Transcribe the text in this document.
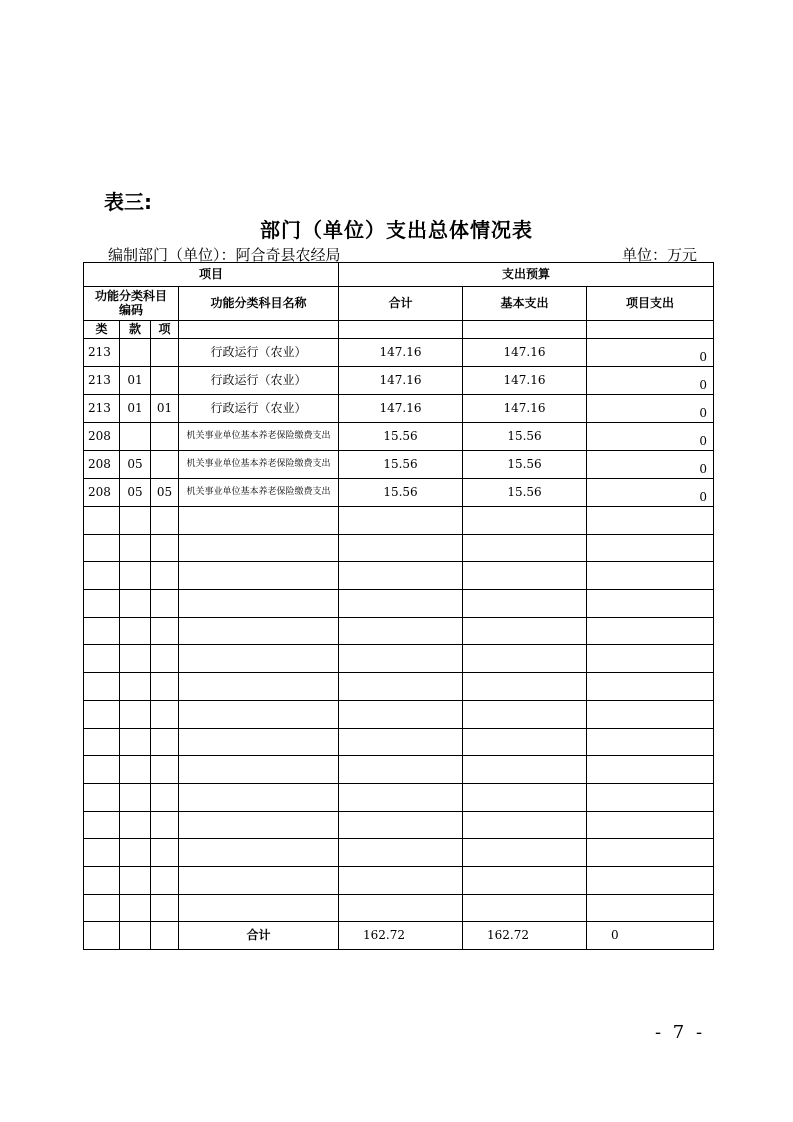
表三:
部门（单位）支出总体情况表
编制部门（单位）：阿合奇县农经局	单位：万元
项目				支出预算		
功能分类科目编码			功能分类科目名称	合计	基本支出	项目支出
类	款	项				
213			行政运行（农业）	147.16	147.16	0
213	01		行政运行（农业）	147.16	147.16	0
213	01	01	行政运行（农业）	147.16	147.16	0
208			机关事业单位基本养老保险缴费支出	15.56	15.56	0
208	05		机关事业单位基本养老保险缴费支出	15.56	15.56	0
208	05	05	机关事业单位基本养老保险缴费支出	15.56	15.56	0

			合计	162.72	162.72	0
- 7 -
